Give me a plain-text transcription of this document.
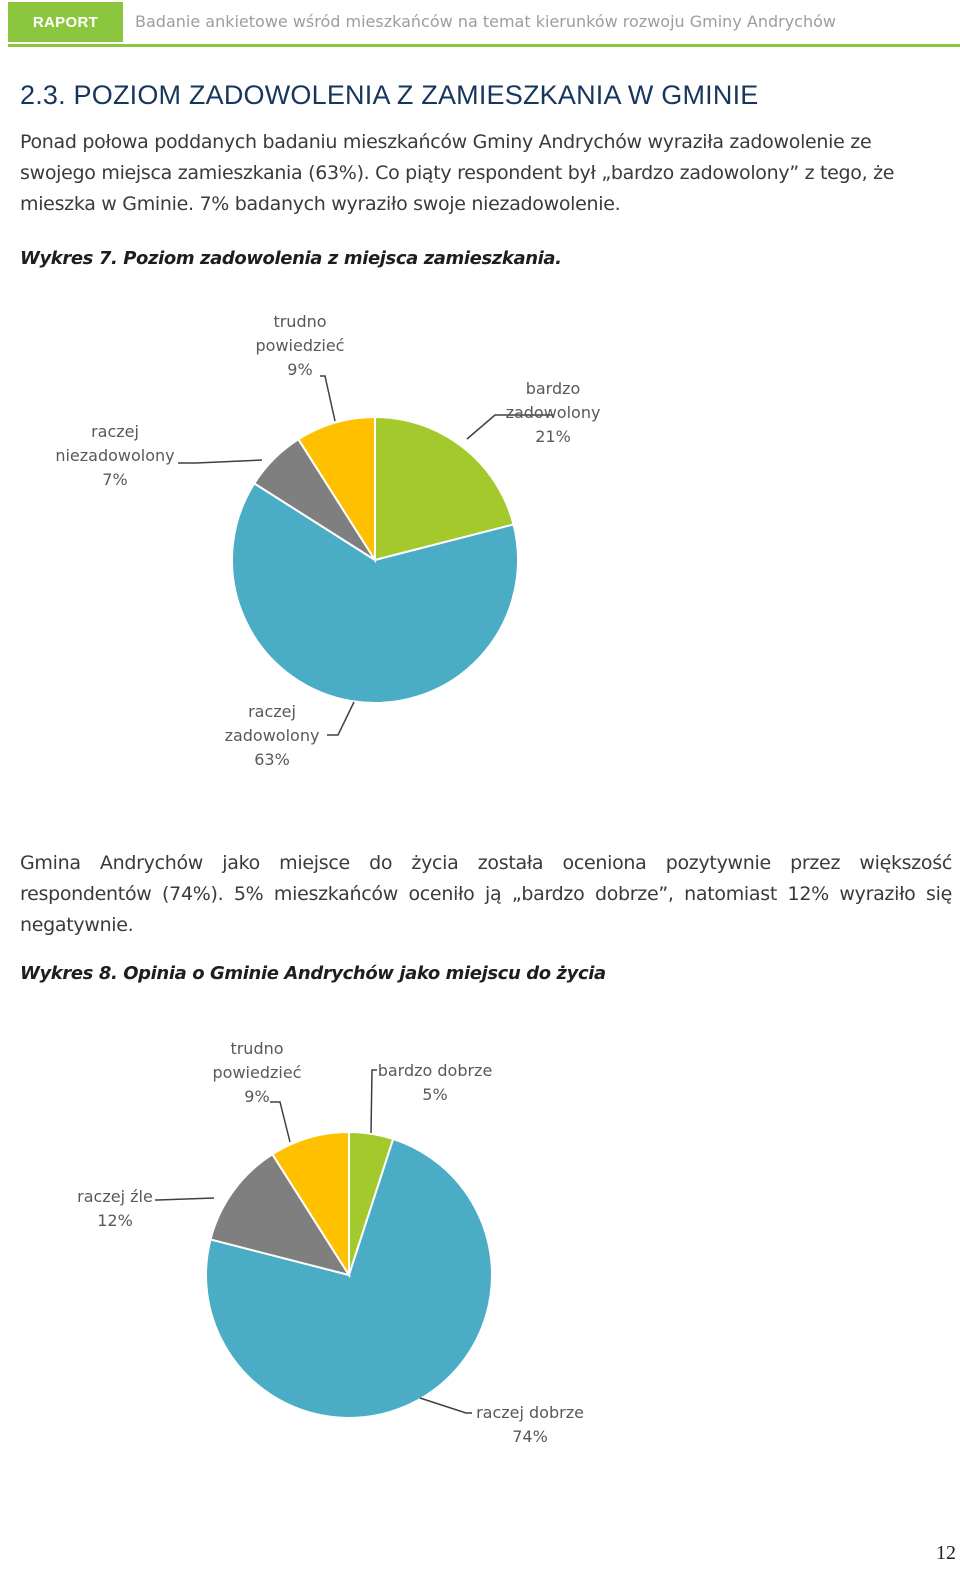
RAPORT	Badanie ankietowe wśród mieszkańców na temat kierunków rozwoju Gminy Andrychów
2.3. POZIOM ZADOWOLENIA Z ZAMIESZKANIA W GMINIE
Ponad połowa poddanych badaniu mieszkańców Gminy Andrychów wyraziła zadowolenie ze swojego miejsca zamieszkania (63%). Co piąty respondent był „bardzo zadowolony” z tego, że mieszka w Gminie. 7% badanych wyraziło swoje niezadowolenie.
Wykres 7. Poziom zadowolenia z miejsca zamieszkania.
bardzo zadowolony 21%
raczej zadowolony 63%
raczej niezadowolony 7%
trudno powiedzieć 9%
Gmina Andrychów jako miejsce do życia została oceniona pozytywnie przez większość respondentów (74%). 5% mieszkańców oceniło ją „bardzo dobrze”, natomiast 12% wyraziło się negatywnie.
Wykres 8. Opinia o Gminie Andrychów jako miejscu do życia
bardzo dobrze 5%
raczej dobrze 74%
raczej źle 12%
trudno powiedzieć 9%
12
